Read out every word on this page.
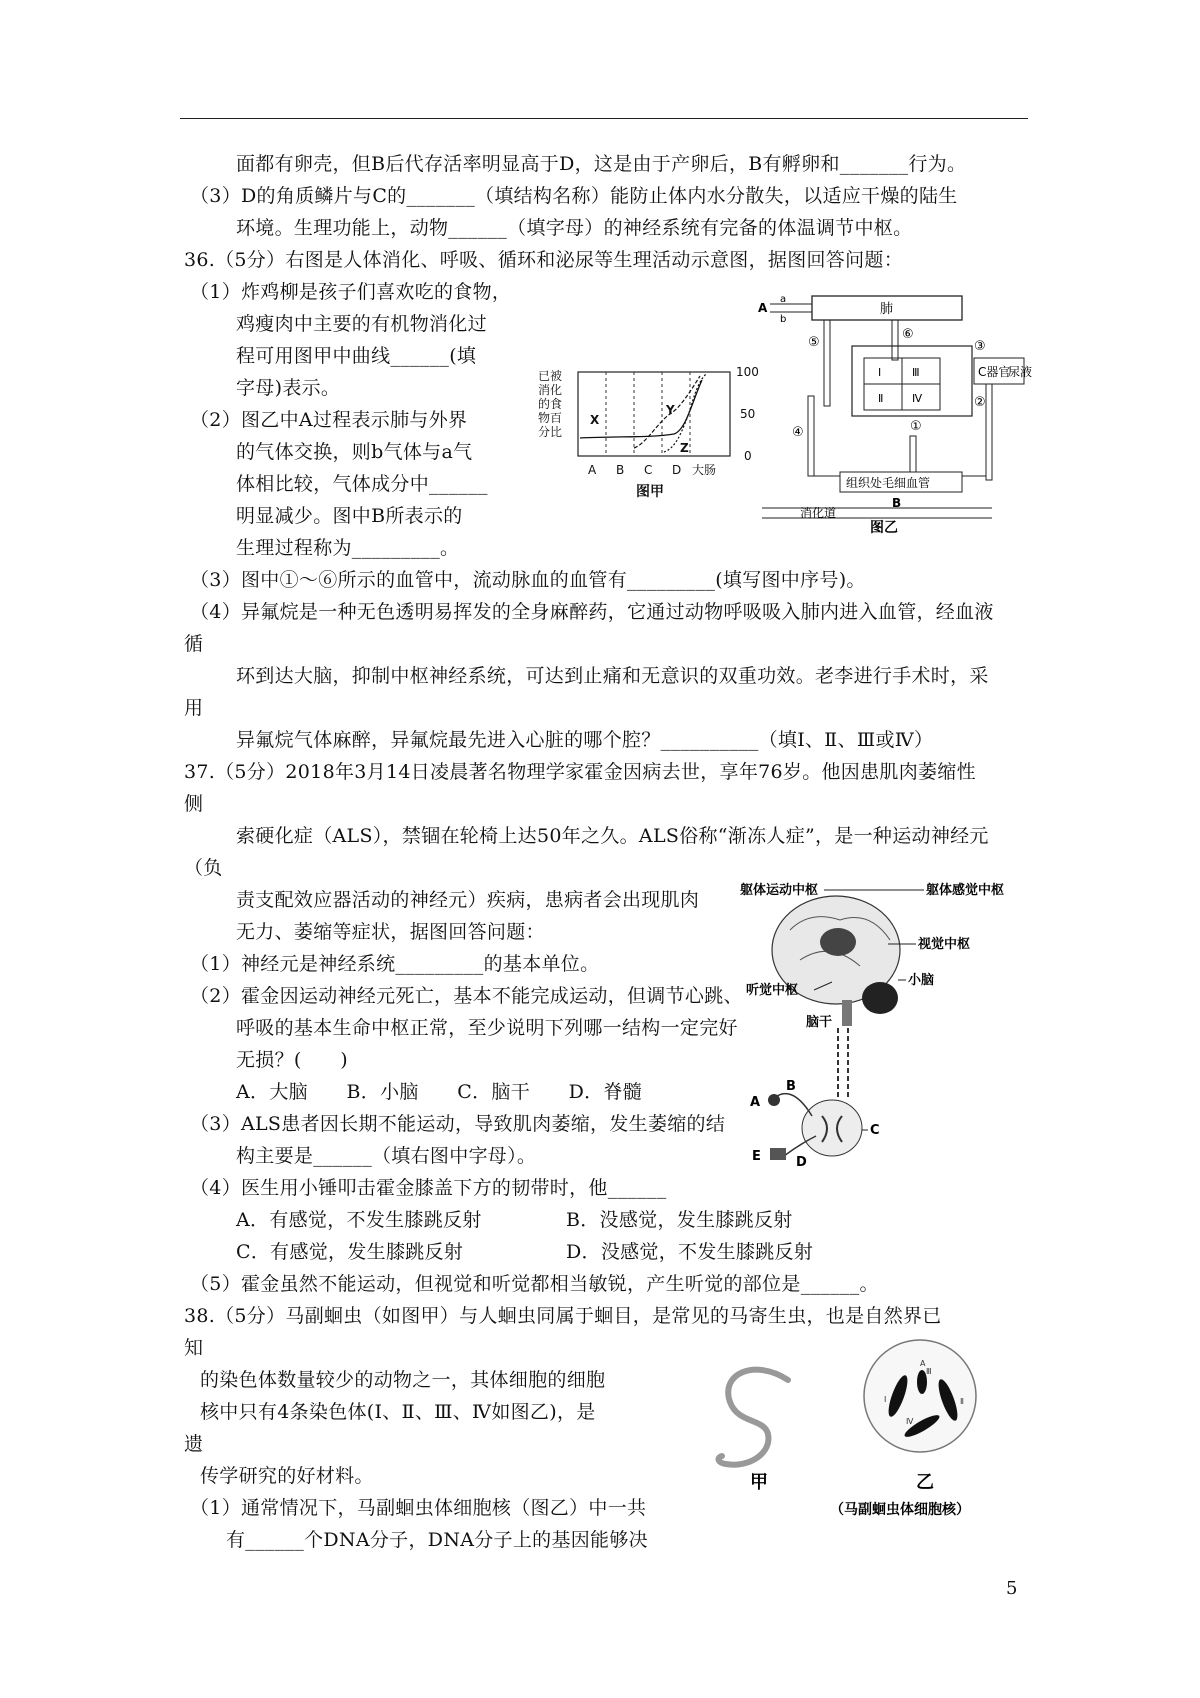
面都有卵壳，但B后代存活率明显高于D，这是由于产卵后，B有孵卵和_______行为。
（3）D的角质鳞片与C的_______（填结构名称）能防止体内水分散失，以适应干燥的陆生
环境。生理功能上，动物______（填字母）的神经系统有完备的体温调节中枢。
36.（5分）右图是人体消化、呼吸、循环和泌尿等生理活动示意图，据图回答问题：
（1）炸鸡柳是孩子们喜欢吃的食物，
鸡瘦肉中主要的有机物消化过
程可用图甲中曲线______(填
字母)表示。
（2）图乙中A过程表示肺与外界
的气体交换，则b气体与a气
体相比较，气体成分中______
明显减少。图中B所表示的
生理过程称为_________。
（3）图中①～⑥所示的血管中，流动脉血的血管有_________(填写图中序号)。
（4）异氟烷是一种无色透明易挥发的全身麻醉药，它通过动物呼吸吸入肺内进入血管，经血液
循
环到达大脑，抑制中枢神经系统，可达到止痛和无意识的双重功效。老李进行手术时，采
用
异氟烷气体麻醉，异氟烷最先进入心脏的哪个腔？__________（填Ⅰ、Ⅱ、Ⅲ或Ⅳ）
37.（5分）2018年3月14日凌晨著名物理学家霍金因病去世，享年76岁。他因患肌肉萎缩性
侧
索硬化症（ALS），禁锢在轮椅上达50年之久。ALS俗称“渐冻人症”，是一种运动神经元
（负
责支配效应器活动的神经元）疾病，患病者会出现肌肉
无力、萎缩等症状，据图回答问题：
（1）神经元是神经系统_________的基本单位。
（2）霍金因运动神经元死亡，基本不能完成运动，但调节心跳、
呼吸的基本生命中枢正常，至少说明下列哪一结构一定完好
无损？(　　)
A．大脑　　B．小脑　　C．脑干　　D．脊髓
（3）ALS患者因长期不能运动，导致肌肉萎缩，发生萎缩的结
构主要是______（填右图中字母）。
（4）医生用小锤叩击霍金膝盖下方的韧带时，他______
A．有感觉，不发生膝跳反射	B．没感觉，发生膝跳反射
C．有感觉，发生膝跳反射	D．没感觉，不发生膝跳反射
（5）霍金虽然不能运动，但视觉和听觉都相当敏锐，产生听觉的部位是______。
38.（5分）马副蛔虫（如图甲）与人蛔虫同属于蛔目，是常见的马寄生虫，也是自然界已
知
的染色体数量较少的动物之一，其体细胞的细胞
核中只有4条染色体(Ⅰ、Ⅱ、Ⅲ、Ⅳ如图乙)，是
遗
传学研究的好材料。
（1）通常情况下，马副蛔虫体细胞核（图乙）中一共
有______个DNA分子，DNA分子上的基因能够决
已被
消化
的食
物百
分比
X
Y
Z
100
50
0
A B C D 大肠
图甲
肺
A
a
b
⑤
④
⑥
Ⅰ
Ⅱ
Ⅲ
Ⅳ
①
C器官
尿液
③
②
组织处毛细血管
B
消化道
图乙
躯体运动中枢	躯体感觉中枢
视觉中枢
小脑
听觉中枢
脑干
A
B
C
D
E
A
Ⅰ	Ⅱ
Ⅲ
Ⅳ
甲	乙
（马副蛔虫体细胞核）
5
